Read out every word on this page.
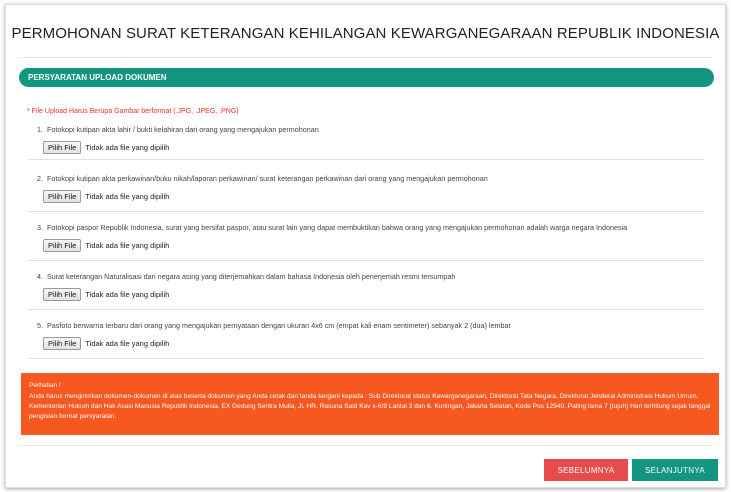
PERMOHONAN SURAT KETERANGAN KEHILANGAN KEWARGANEGARAAN REPUBLIK INDONESIA
PERSYARATAN UPLOAD DOKUMEN
* File Upload Harus Berupa Gambar berformat (.JPG, .JPEG, .PNG)
1. Fotokopi kutipan akta lahir / bukti kelahiran dari orang yang mengajukan permohonan
Pilih File	Tidak ada file yang dipilih
2. Fotokopi kutipan akta perkawinan/buku nikah/laporan perkawinan/ surat keterangan perkawinan dari orang yang mengajukan permohonan
Pilih File	Tidak ada file yang dipilih
3. Fotokopi paspor Republik Indonesia, surat yang bersifat paspor, atau surat lain yang dapat membuktikan bahwa orang yang mengajukan permohonan adalah warga negara Indonesia
Pilih File	Tidak ada file yang dipilih
4. Surat keterangan Naturalisasi dari negara asing yang diterjemahkan dalam bahasa Indonesia oleh penerjemah resmi tersumpah
Pilih File	Tidak ada file yang dipilih
5. Pasfoto berwarna terbaru dari orang yang mengajukan pernyataan dengan ukuran 4x6 cm (empat kali enam sentimeter) sebanyak 2 (dua) lembar
Pilih File	Tidak ada file yang dipilih
Perhatian !
Anda harus mengirimkan dokumen-dokumen di atas beserta dokumen yang Anda cetak dan tanda tangani kepada : Sub Direktorat status Kewarganegaraan, Direktorat Tata Negara, Direktorat Jenderal Administrasi Hukum Umum, Kementerian Hukum dan Hak Asasi Manusia Republik Indonesia, EX Gedung Sentra Mulia, Jl. HR. Rasuna Said Kav x-6/8 Lantai 3 dan 6. Kuningan, Jakarta Selatan, Kode Pos 12940. Paling lama 7 (tujuh) Hari terhitung sejak tanggal pengisian format persyaratan.
SEBELUMNYA	SELANJUTNYA
